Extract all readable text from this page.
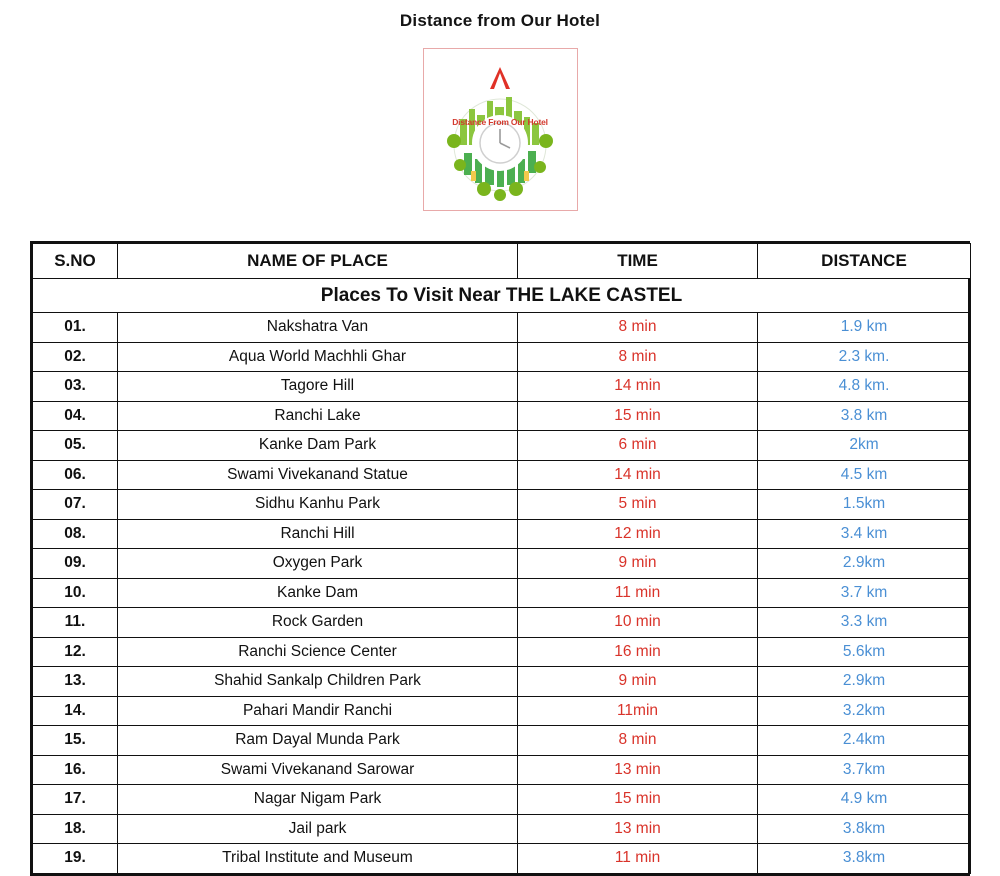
Distance from Our Hotel
Distance From Our Hotel
S.NO	NAME OF PLACE	TIME	DISTANCE
Places To Visit Near THE LAKE CASTEL			
01.	Nakshatra Van	8 min	1.9 km
02.	Aqua World Machhli Ghar	8 min	2.3 km.
03.	Tagore Hill	14 min	4.8 km.
04.	Ranchi Lake	15 min	3.8 km
05.	Kanke Dam Park	6 min	2km
06.	Swami Vivekanand Statue	14 min	4.5 km
07.	Sidhu Kanhu Park	5 min	1.5km
08.	Ranchi Hill	12 min	3.4 km
09.	Oxygen Park	9 min	2.9km
10.	Kanke Dam	11 min	3.7 km
11.	Rock Garden	10 min	3.3 km
12.	Ranchi Science Center	16 min	5.6km
13.	Shahid Sankalp Children Park	9 min	2.9km
14.	Pahari Mandir Ranchi	11min	3.2km
15.	Ram Dayal Munda Park	8 min	2.4km
16.	Swami Vivekanand Sarowar	13 min	3.7km
17.	Nagar Nigam Park	15 min	4.9 km
18.	Jail park	13 min	3.8km
19.	Tribal Institute and Museum	11 min	3.8km
